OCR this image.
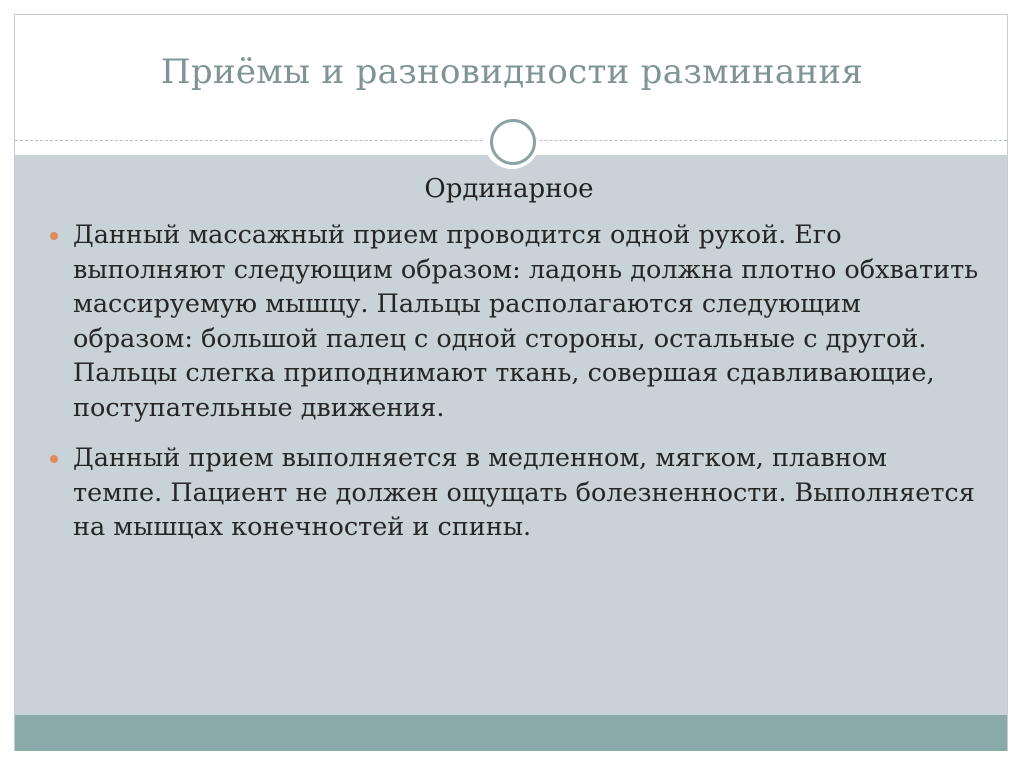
Приёмы и разновидности разминания

Ординарное

Данный массажный прием проводится одной рукой. Его выполняют следующим образом: ладонь должна плотно обхватить массируемую мышцу. Пальцы располагаются следующим образом: большой палец с одной стороны, остальные с другой. Пальцы слегка приподнимают ткань, совершая сдавливающие, поступательные движения.
Данный прием выполняется в медленном, мягком, плавном темпе. Пациент не должен ощущать болезненности. Выполняется на мышцах конечностей и спины.
